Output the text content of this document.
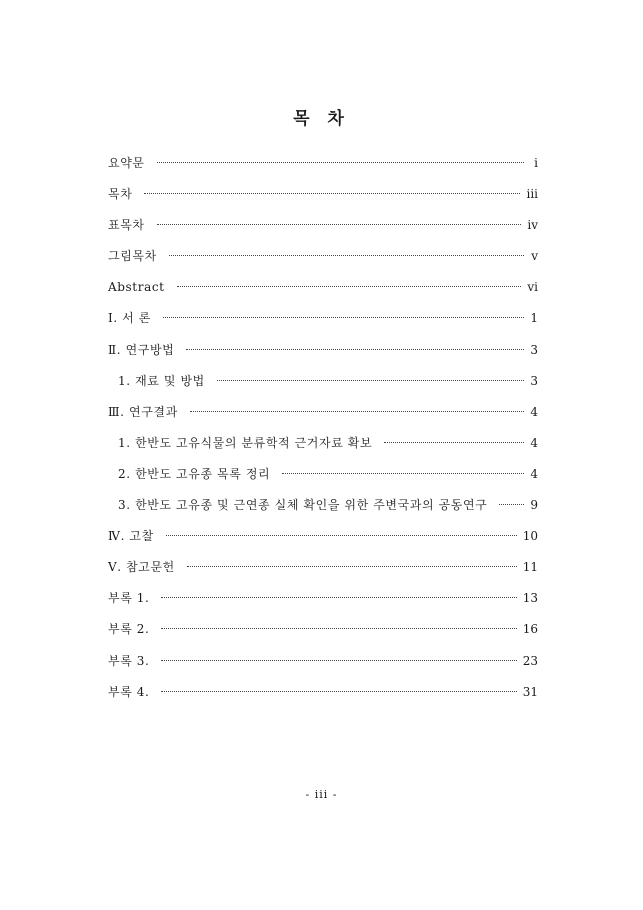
목 차
요약문	i
목차	iii
표목차	iv
그림목차	v
Abstract	vi
Ⅰ. 서 론	1
Ⅱ. 연구방법	3
1. 재료 및 방법	3
Ⅲ. 연구결과	4
1. 한반도 고유식물의 분류학적 근거자료 확보	4
2. 한반도 고유종 목록 정리	4
3. 한반도 고유종 및 근연종 실체 확인을 위한 주변국과의 공동연구	9
Ⅳ. 고찰	10
Ⅴ. 참고문헌	11
부록 1.	13
부록 2.	16
부록 3.	23
부록 4.	31
- iii -
